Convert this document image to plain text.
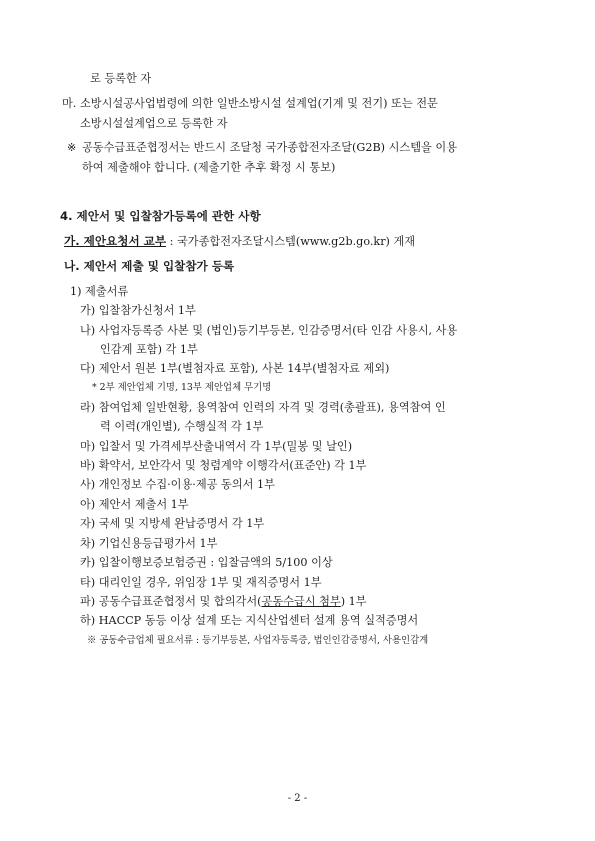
로 등록한 자
마. 소방시설공사업법령에 의한 일반소방시설 설계업(기계 및 전기) 또는 전문
소방시설설계업으로 등록한 자
※ 공동수급표준협정서는 반드시 조달청 국가종합전자조달(G2B) 시스템을 이용
하여 제출해야 합니다. (제출기한 추후 확정 시 통보)
4. 제안서 및 입찰참가등록에 관한 사항
가. 제안요청서 교부 : 국가종합전자조달시스템(www.g2b.go.kr) 게재
나. 제안서 제출 및 입찰참가 등록
1) 제출서류
가) 입찰참가신청서 1부
나) 사업자등록증 사본 및 (법인)등기부등본, 인감증명서(타 인감 사용시, 사용
인감계 포함) 각 1부
다) 제안서 원본 1부(별첨자료 포함), 사본 14부(별첨자료 제외)
* 2부 제안업체 기명, 13부 제안업체 무기명
라) 참여업체 일반현황, 용역참여 인력의 자격 및 경력(총괄표), 용역참여 인
력 이력(개인별), 수행실적 각 1부
마) 입찰서 및 가격세부산출내역서 각 1부(밀봉 및 날인)
바) 확약서, 보안각서 및 청렴계약 이행각서(표준안) 각 1부
사) 개인정보 수집·이용·제공 동의서 1부
아) 제안서 제출서 1부
자) 국세 및 지방세 완납증명서 각 1부
차) 기업신용등급평가서 1부
카) 입찰이행보증보험증권 : 입찰금액의 5/100 이상
타) 대리인일 경우, 위임장 1부 및 재직증명서 1부
파) 공동수급표준협정서 및 합의각서(공동수급시 첨부) 1부
하) HACCP 동등 이상 설계 또는 지식산업센터 설계 용역 실적증명서
※ 공동수급업체 필요서류 : 등기부등본, 사업자등록증, 법인인감증명서, 사용인감계
- 2 -
